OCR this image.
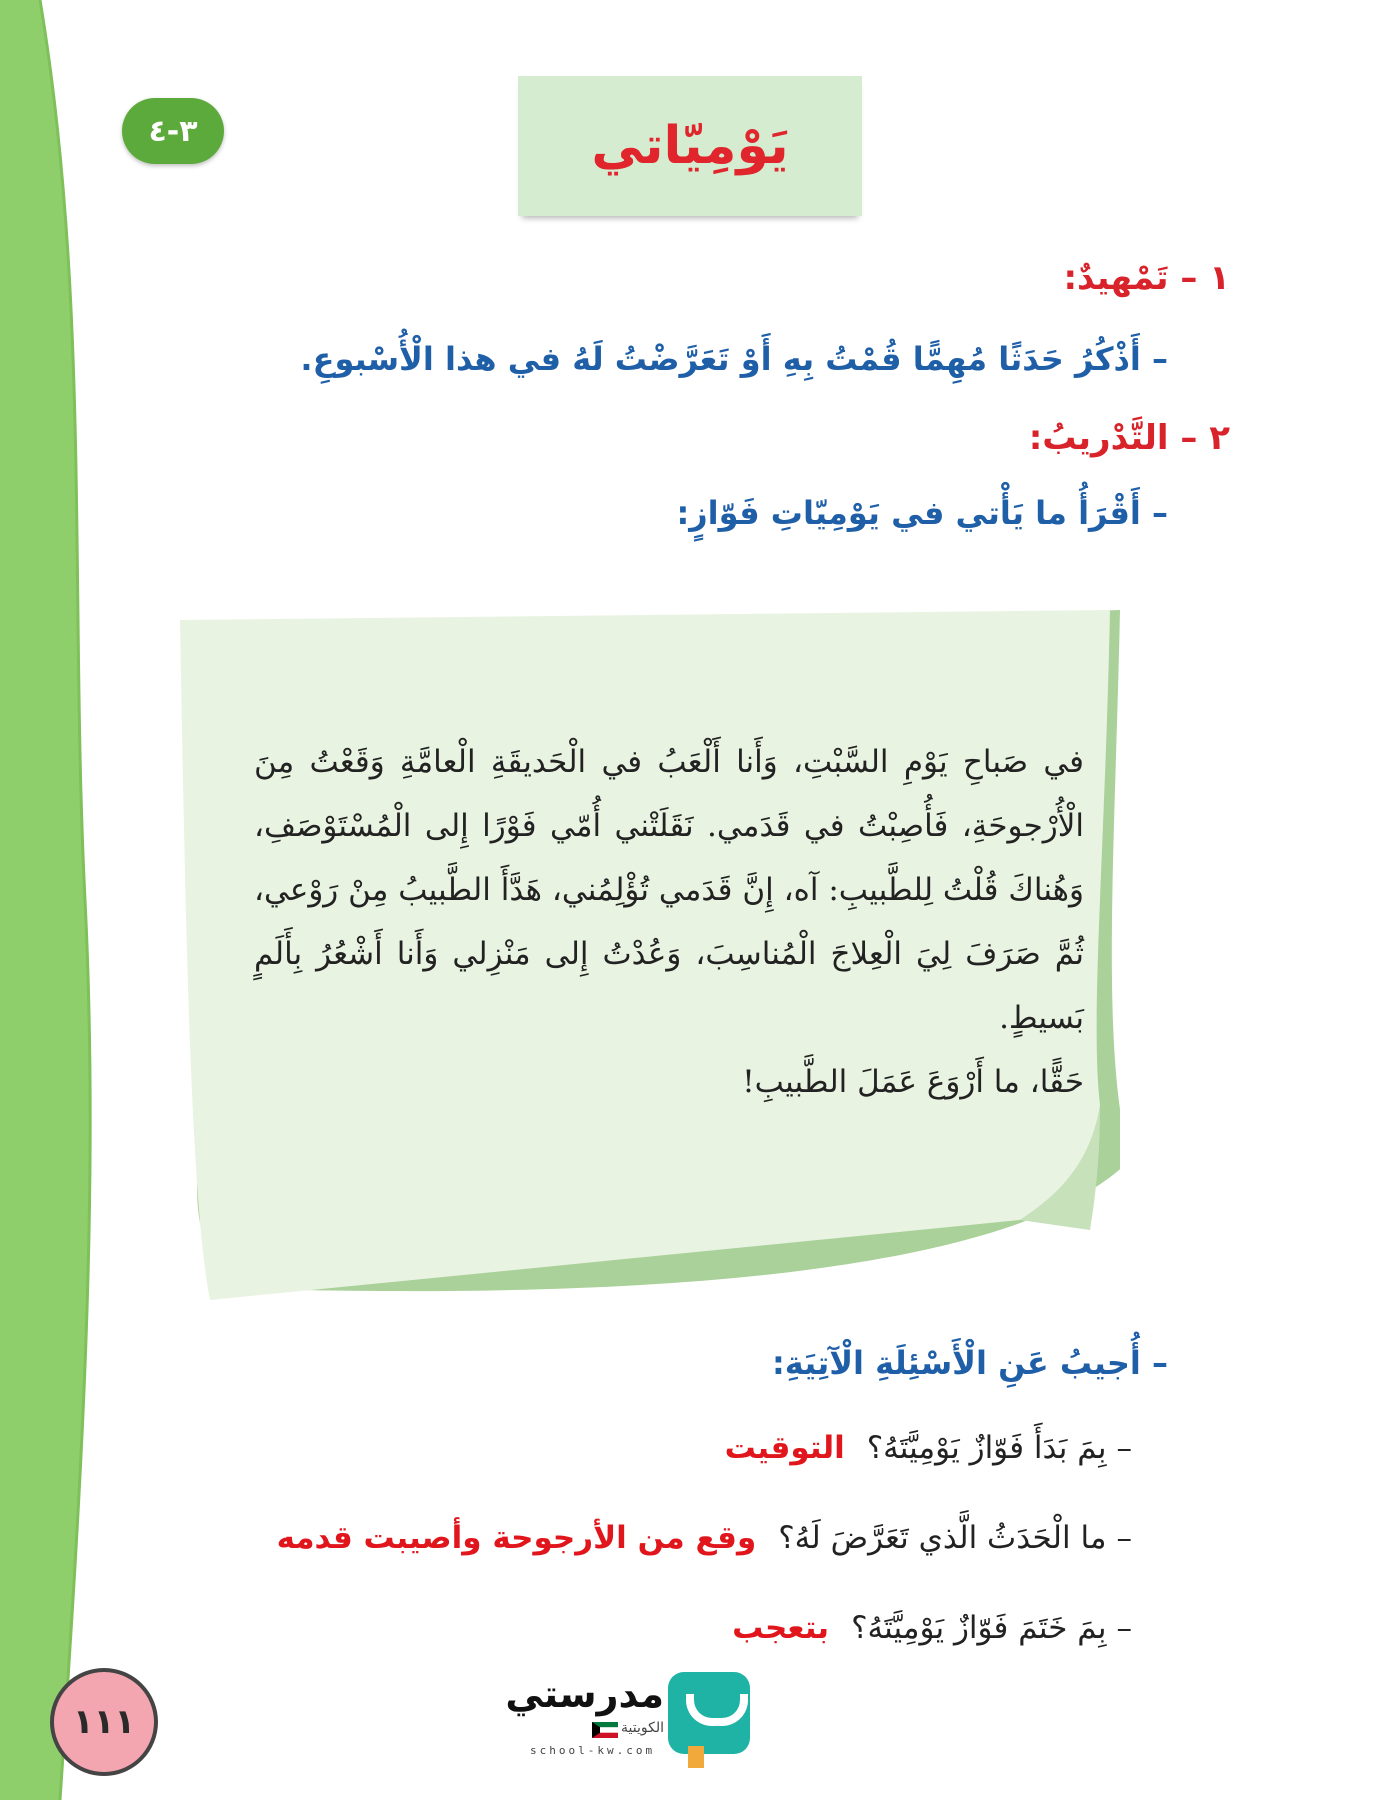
٣-٤	يَوْمِيّاتي
١ – تَمْهيدٌ:
– أَذْكُرُ حَدَثًا مُهِمًّا قُمْتُ بِهِ أَوْ تَعَرَّضْتُ لَهُ في هذا الْأُسْبوعِ.
٢ – التَّدْريبُ:
– أَقْرَأُ ما يَأْتي في يَوْمِيّاتِ فَوّازٍ:

في صَباحِ يَوْمِ السَّبْتِ، وَأَنا أَلْعَبُ في الْحَديقَةِ الْعامَّةِ وَقَعْتُ مِنَ الْأُرْجوحَةِ، فَأُصِبْتُ في قَدَمي. نَقَلَتْني أُمّي فَوْرًا إِلى الْمُسْتَوْصَفِ، وَهُناكَ قُلْتُ لِلطَّبيبِ: آه، إِنَّ قَدَمي تُؤْلِمُني، هَدَّأَ الطَّبيبُ مِنْ رَوْعي، ثُمَّ صَرَفَ لِيَ الْعِلاجَ الْمُناسِبَ، وَعُدْتُ إِلى مَنْزِلي وَأَنا أَشْعُرُ بِأَلَمٍ بَسيطٍ.

حَقًّا، ما أَرْوَعَ عَمَلَ الطَّبيبِ!

– أُجيبُ عَنِ الْأَسْئِلَةِ الْآتِيَةِ:
–بِمَ بَدَأَ فَوّازٌ يَوْمِيَّتَهُ؟التوقيت
–ما الْحَدَثُ الَّذي تَعَرَّضَ لَهُ؟وقع من الأرجوحة وأصيبت قدمه
–بِمَ خَتَمَ فَوّازٌ يَوْمِيَّتَهُ؟بتعجب
١١١
مدرستي
الكويتية
school-kw.com
